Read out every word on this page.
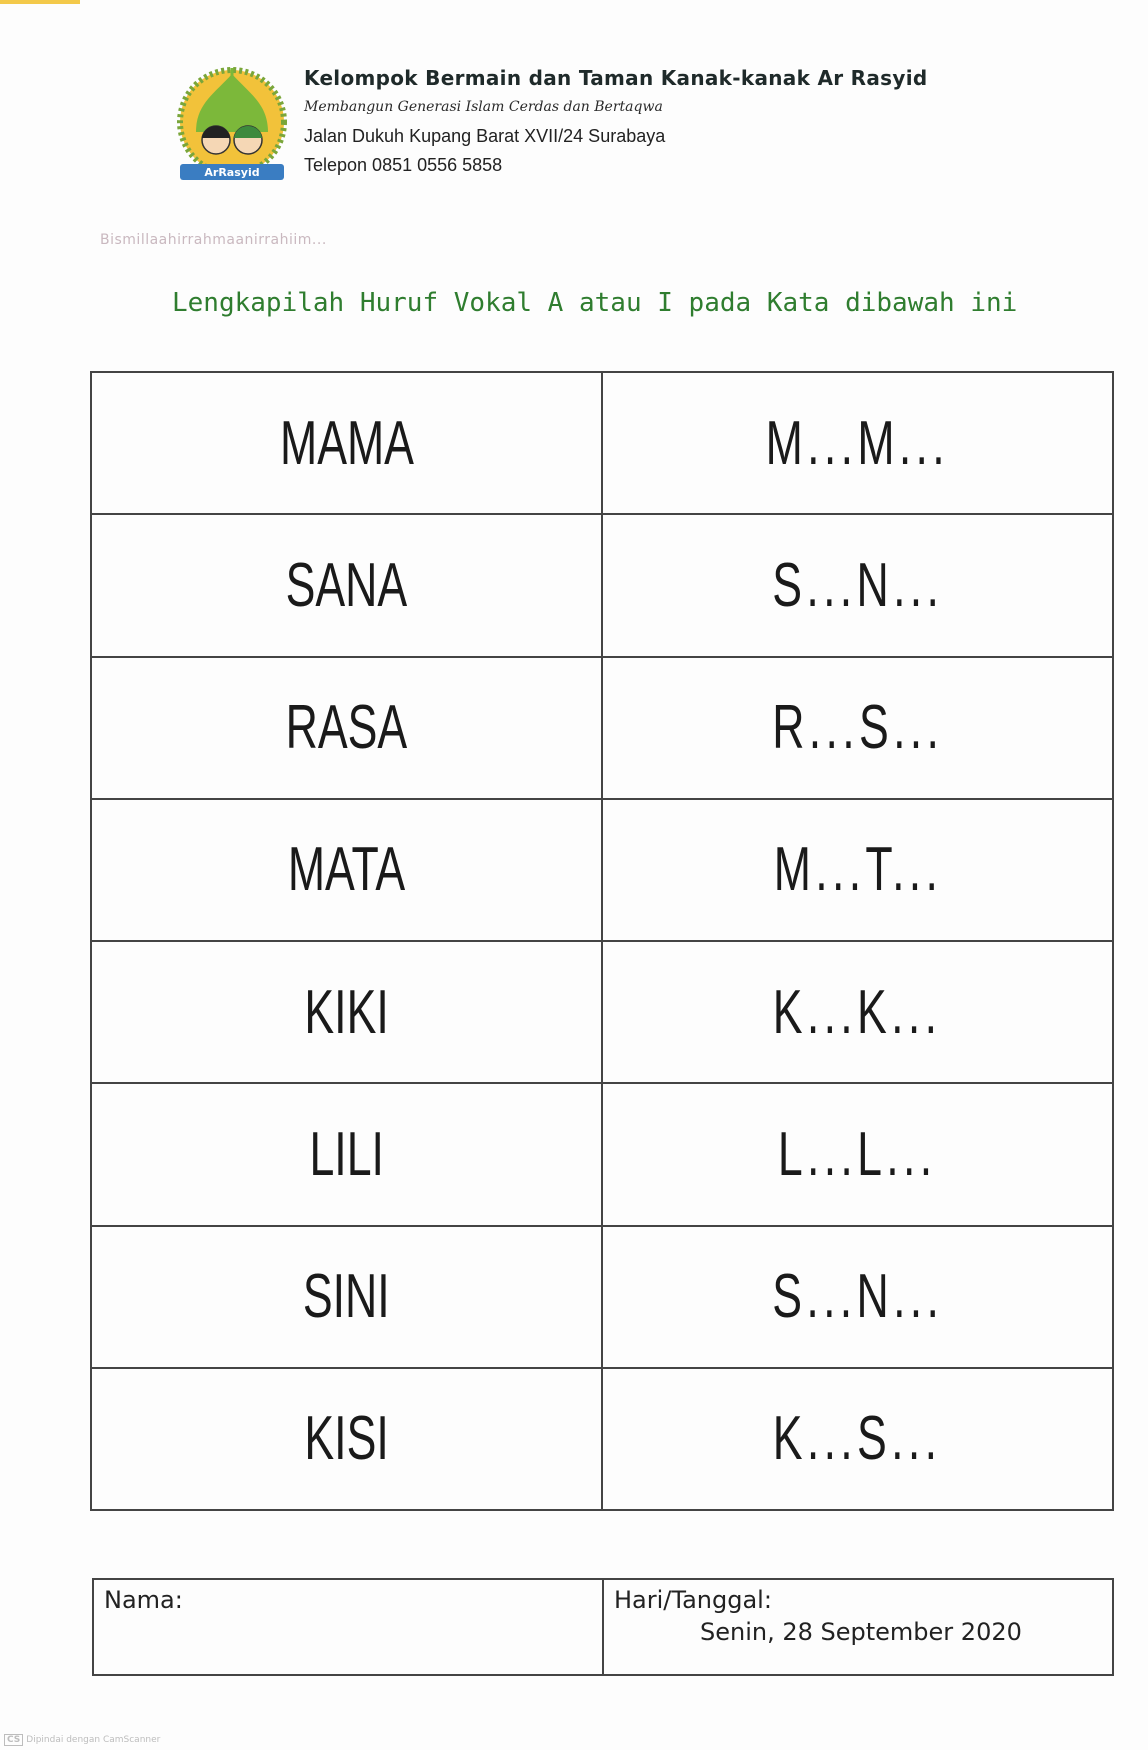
ArRasyid
Kelompok Bermain dan Taman Kanak-kanak Ar Rasyid
Membangun Generasi Islam Cerdas dan Bertaqwa
Jalan Dukuh Kupang Barat XVII/24 Surabaya
Telepon 0851 0556 5858
Bismillaahirrahmaanirrahiim...
Lengkapilah Huruf Vokal A atau I pada Kata dibawah ini
MAMA	M...M...
SANA	S...N...
RASA	R...S...
MATA	M...T...
KIKI	K...K...
LILI	L...L...
SINI	S...N...
KISI	K...S...
Nama:	Hari/Tanggal:
Senin, 28 September 2020
CS Dipindai dengan CamScanner
